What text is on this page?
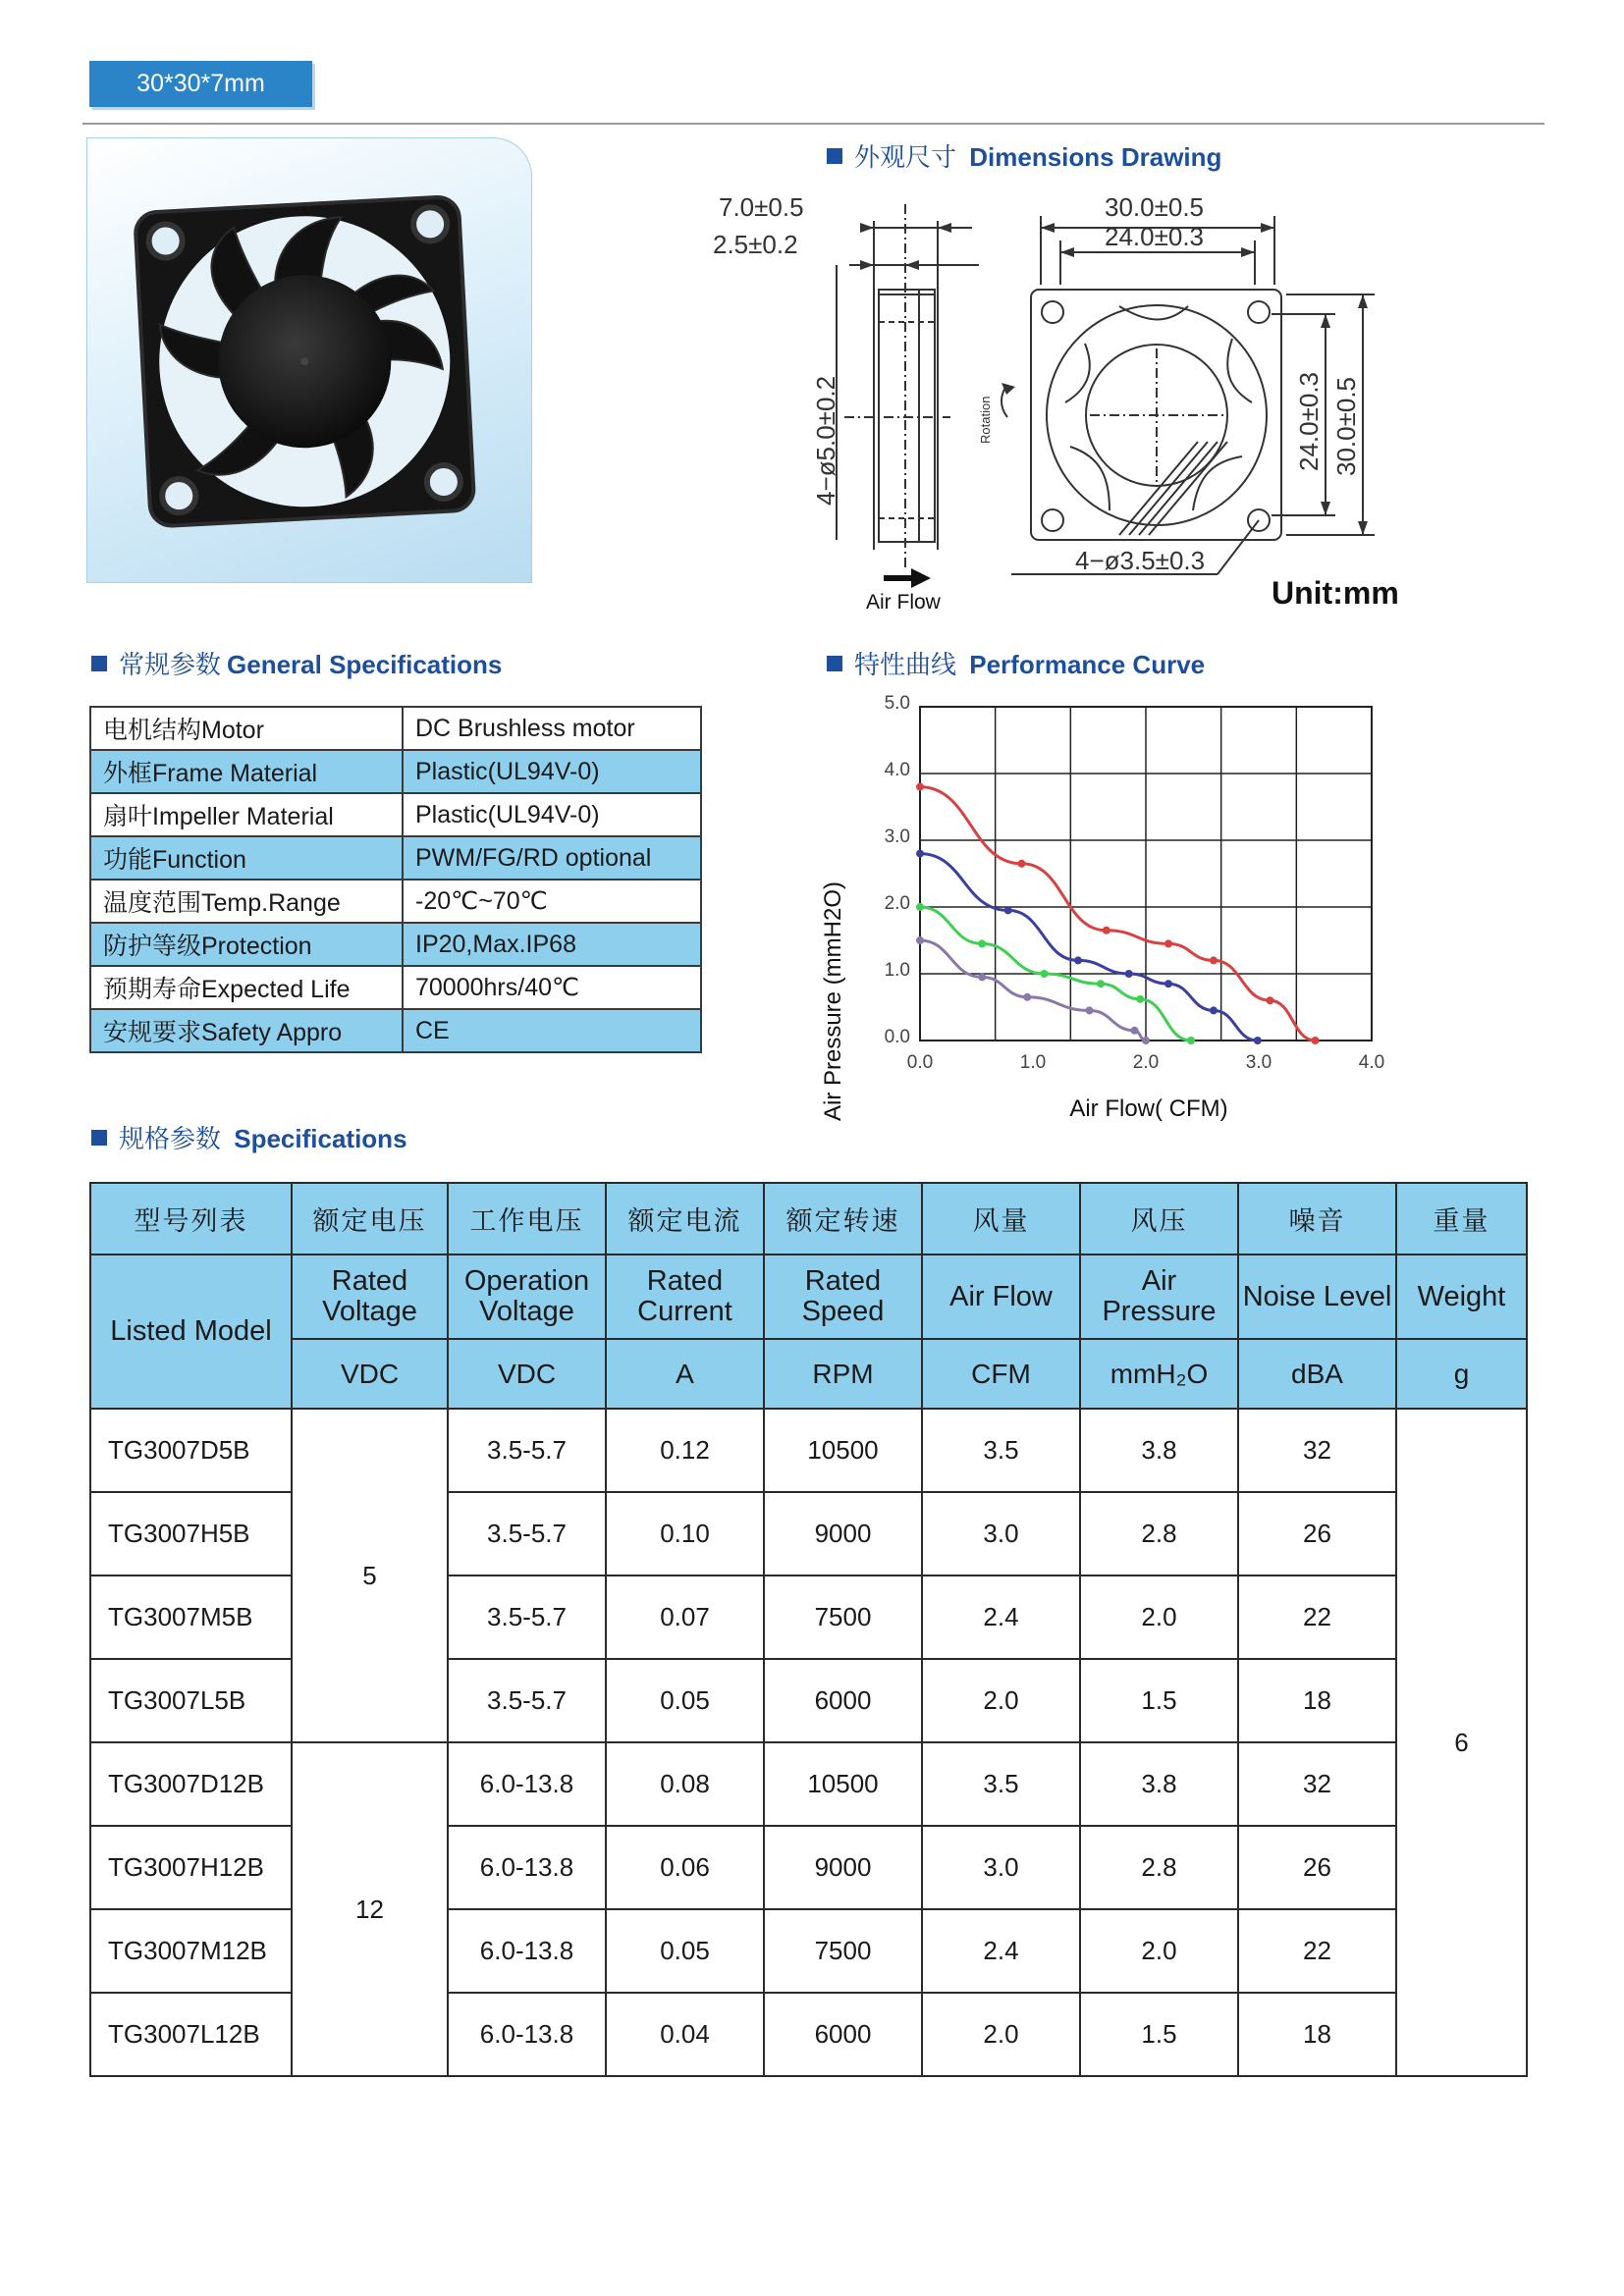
30*30*7mm
外观尺寸 Dimensions Drawing
7.0±0.5
2.5±0.2
30.0±0.5
24.0±0.3
4−ø3.5±0.3
4−ø5.0±0.2	24.0±0.3 30.0±0.5
Rotation
Air Flow	Unit:mm
常规参数 General Specifications
电机结构Motor	DC Brushless motor
外框Frame Material	Plastic(UL94V-0)
扇叶Impeller Material	Plastic(UL94V-0)
功能Function	PWM/FG/RD optional
温度范围Temp.Range	-20℃~70℃
防护等级Protection	IP20,Max.IP68
预期寿命Expected Life	70000hrs/40℃
安规要求Safety Appro	CE
特性曲线 Performance Curve
0.0	1.0	2.0	3.0	4.0
0.0
1.0
2.0
3.0
4.0
5.0
Air Flow( CFM)
Air Pressure (mmH2O)
规格参数 Specifications
型号列表	额定电压	工作电压	额定电流	额定转速	风量	风压	噪音	重量
Listed Model	Rated Voltage	Operation Voltage	Rated Current	Rated Speed	Air Flow	Air Pressure	Noise Level	Weight
	VDC	VDC	A	RPM	CFM	mmH₂O	dBA	g
TG3007D5B	5	3.5-5.7	0.12	10500	3.5	3.8	32	6
TG3007H5B		3.5-5.7	0.10	9000	3.0	2.8	26	
TG3007M5B		3.5-5.7	0.07	7500	2.4	2.0	22	
TG3007L5B		3.5-5.7	0.05	6000	2.0	1.5	18	
TG3007D12B	12	6.0-13.8	0.08	10500	3.5	3.8	32	
TG3007H12B		6.0-13.8	0.06	9000	3.0	2.8	26	
TG3007M12B		6.0-13.8	0.05	7500	2.4	2.0	22	
TG3007L12B		6.0-13.8	0.04	6000	2.0	1.5	18	
